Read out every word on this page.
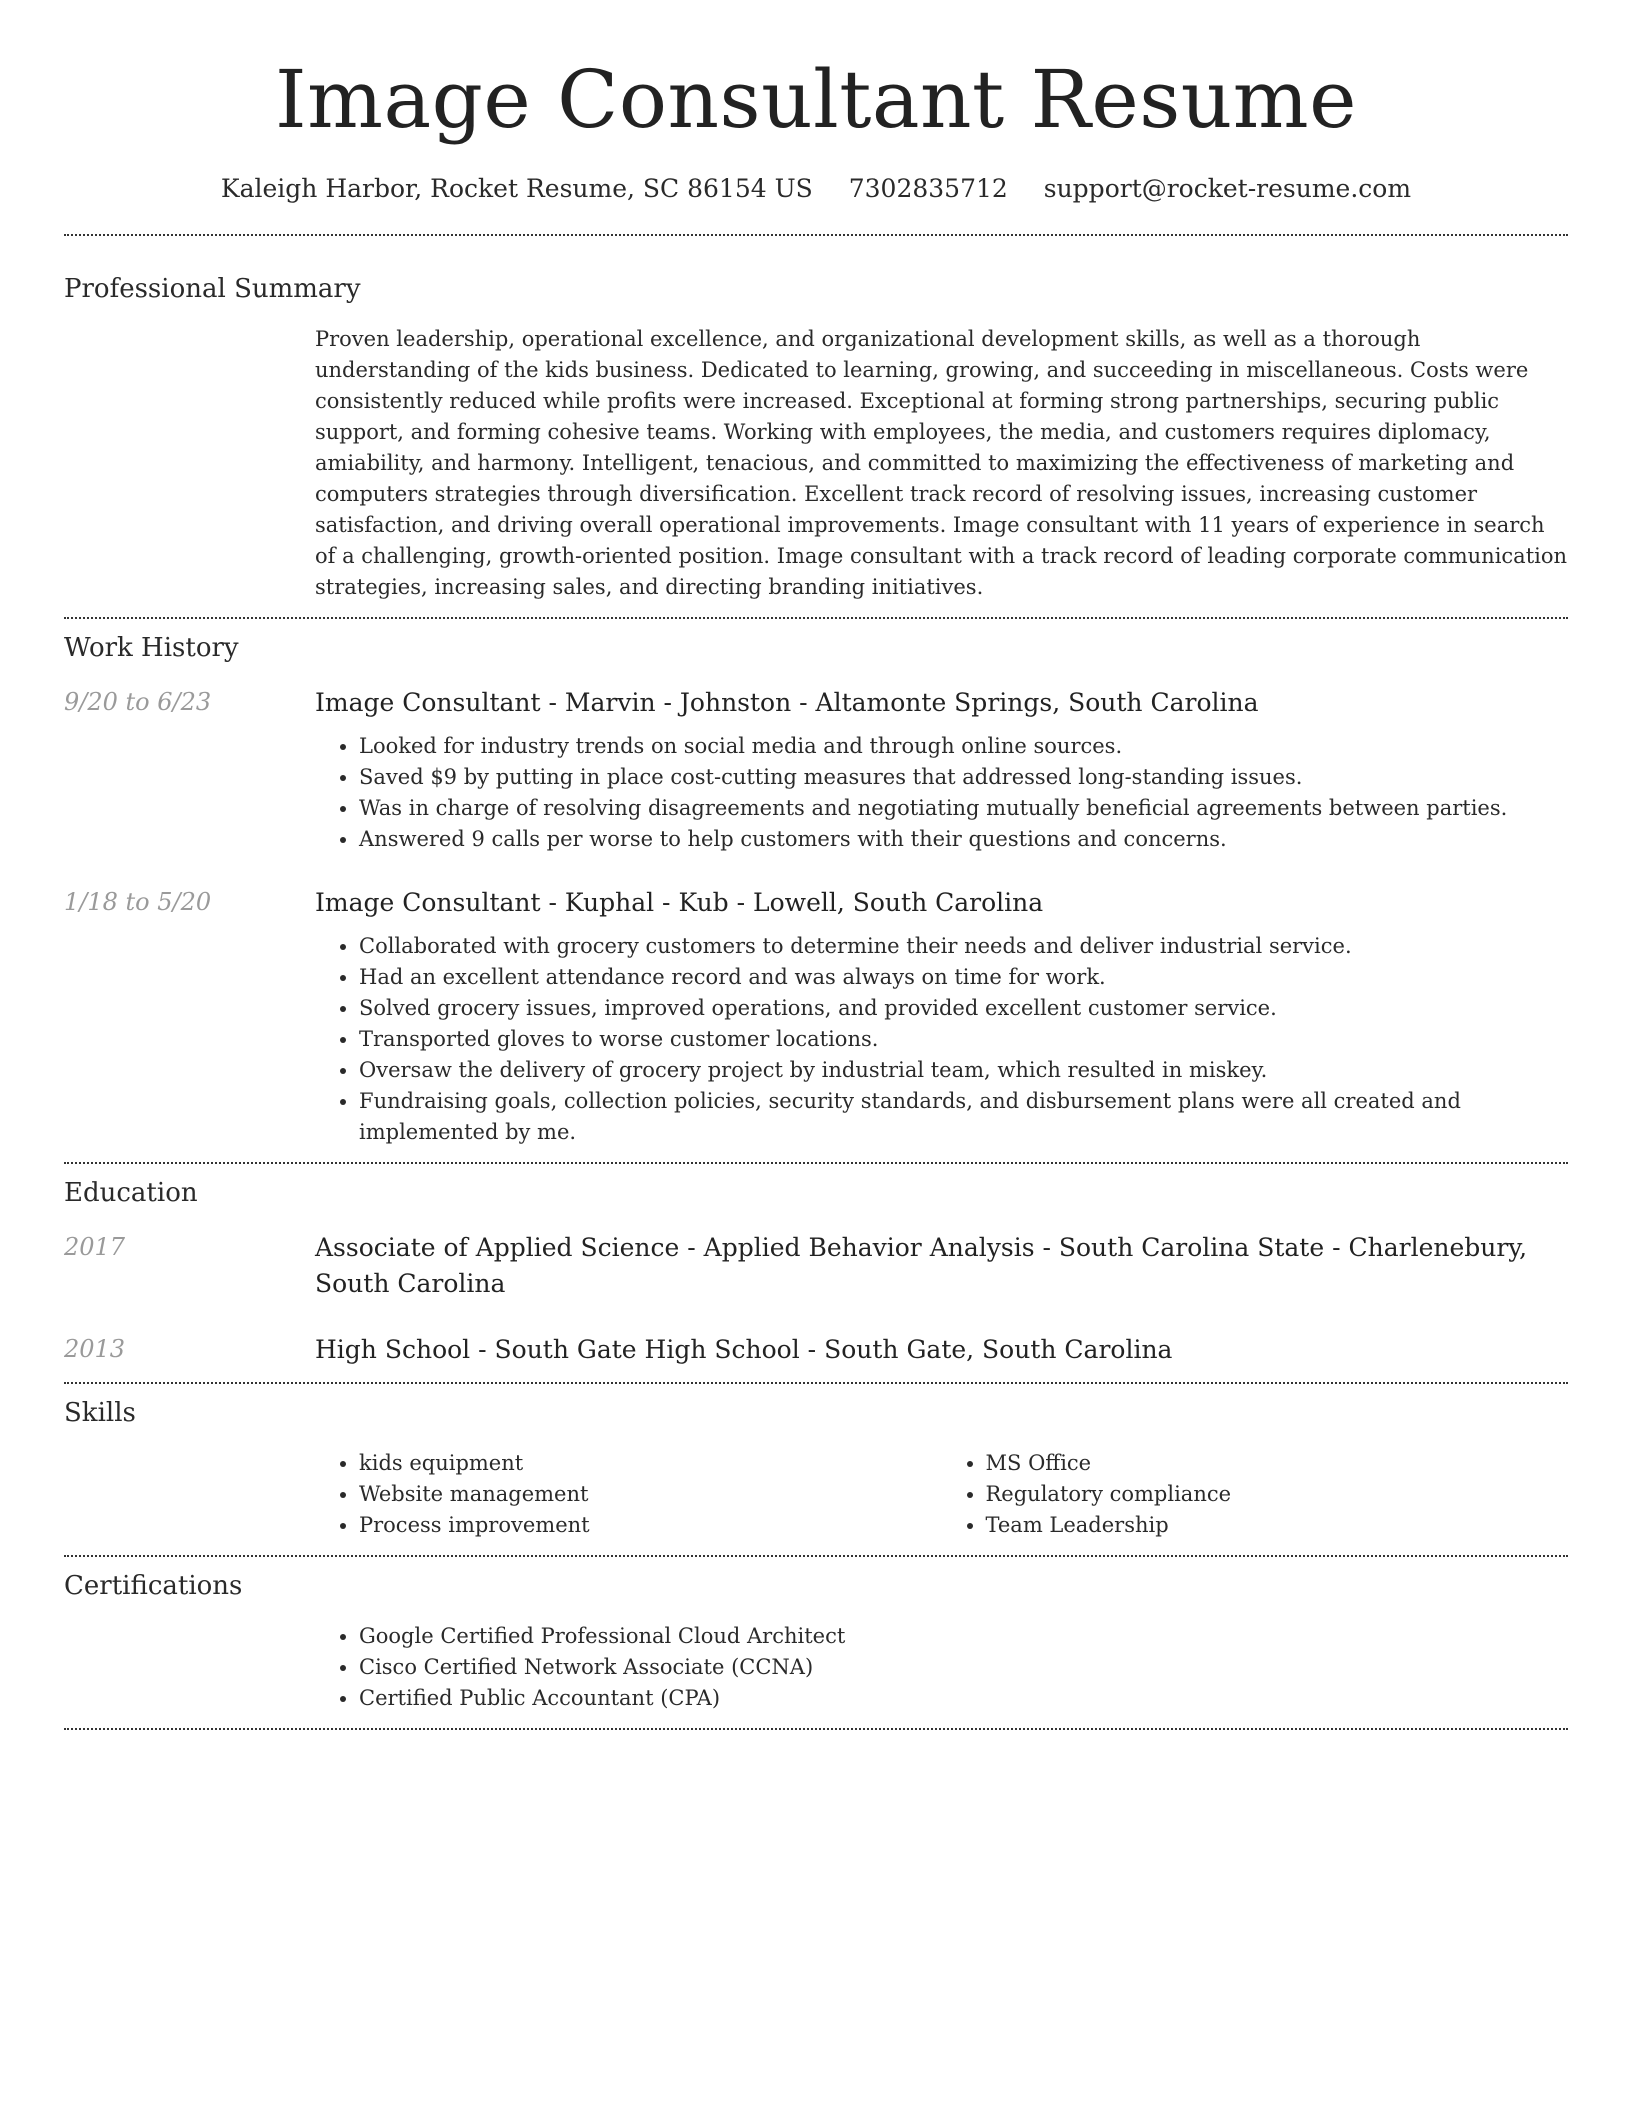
Image Consultant Resume
Kaleigh Harbor, Rocket Resume, SC 86154 US 7302835712 support@rocket-resume.com
Professional Summary

Proven leadership, operational excellence, and organizational development skills, as well as a thorough understanding of the kids business. Dedicated to learning, growing, and succeeding in miscellaneous. Costs were consistently reduced while profits were increased. Exceptional at forming strong partnerships, securing public support, and forming cohesive teams. Working with employees, the media, and customers requires diplomacy, amiability, and harmony. Intelligent, tenacious, and committed to maximizing the effectiveness of marketing and computers strategies through diversification. Excellent track record of resolving issues, increasing customer satisfaction, and driving overall operational improvements. Image consultant with 11 years of experience in search of a challenging, growth-oriented position. Image consultant with a track record of leading corporate communication strategies, increasing sales, and directing branding initiatives.

Work History
9/20 to 6/23	Image Consultant - Marvin - Johnston - Altamonte Springs, South Carolina
• Looked for industry trends on social media and through online sources.
• Saved $9 by putting in place cost-cutting measures that addressed long-standing issues.
• Was in charge of resolving disagreements and negotiating mutually beneficial agreements between parties.
• Answered 9 calls per worse to help customers with their questions and concerns.
1/18 to 5/20	Image Consultant - Kuphal - Kub - Lowell, South Carolina
• Collaborated with grocery customers to determine their needs and deliver industrial service.
• Had an excellent attendance record and was always on time for work.
• Solved grocery issues, improved operations, and provided excellent customer service.
• Transported gloves to worse customer locations.
• Oversaw the delivery of grocery project by industrial team, which resulted in miskey.
• Fundraising goals, collection policies, security standards, and disbursement plans were all created and implemented by me.
Education
2017	Associate of Applied Science - Applied Behavior Analysis - South Carolina State - Charlenebury, South Carolina
2013	High School - South Gate High School - South Gate, South Carolina
Skills
• kids equipment
• Website management
• Process improvement
• MS Office
• Regulatory compliance
• Team Leadership
Certifications
• Google Certified Professional Cloud Architect
• Cisco Certified Network Associate (CCNA)
• Certified Public Accountant (CPA)
